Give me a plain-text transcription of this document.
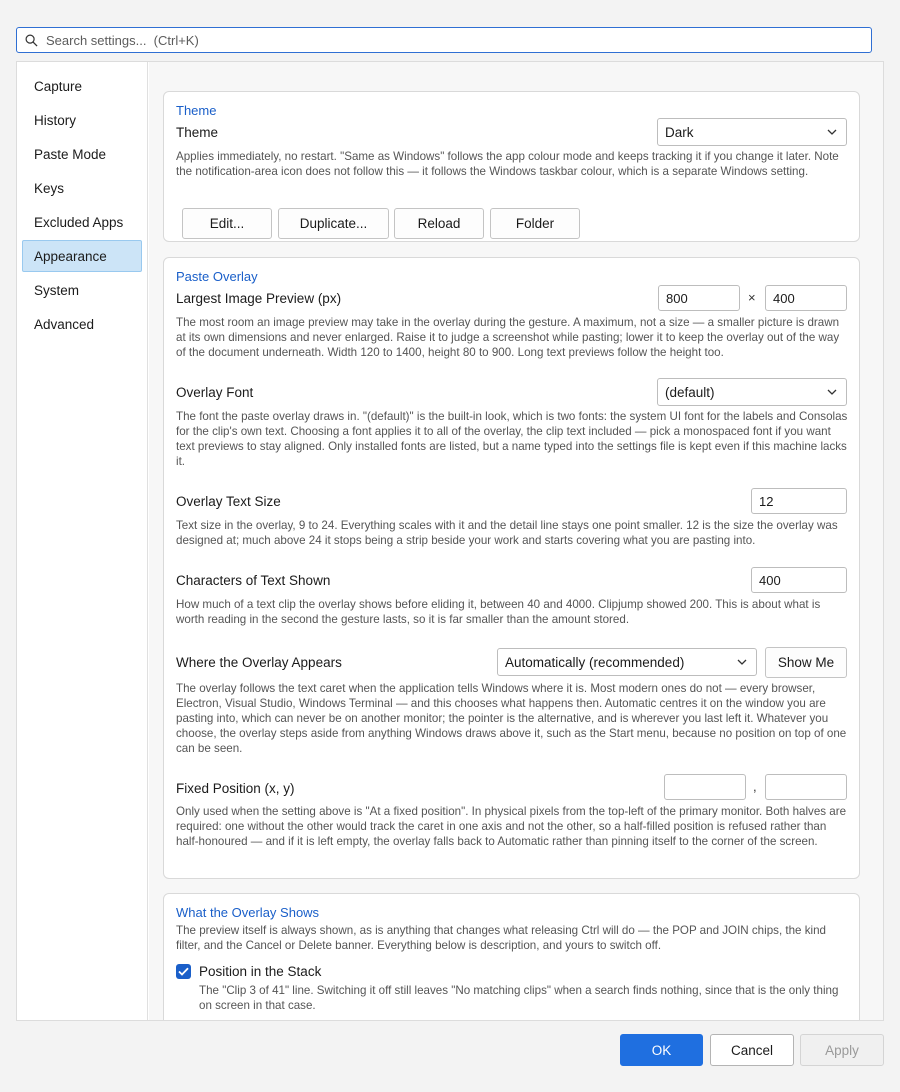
Search settings... (Ctrl+K)
Capture
History
Paste Mode
Keys
Excluded Apps
Appearance
System
Advanced
Theme
Theme	Dark
Applies immediately, no restart. "Same as Windows" follows the app colour mode and keeps tracking it if you change it later. Note the notification-area icon does not follow this — it follows the Windows taskbar colour, which is a separate Windows setting.
Edit...	Duplicate...	Reload	Folder
Paste Overlay
Largest Image Preview (px)	800	×	400
The most room an image preview may take in the overlay during the gesture. A maximum, not a size — a smaller picture is drawn at its own dimensions and never enlarged. Raise it to judge a screenshot while pasting; lower it to keep the overlay out of the way of the document underneath. Width 120 to 1400, height 80 to 900. Long text previews follow the height too.
Overlay Font	(default)
The font the paste overlay draws in. "(default)" is the built-in look, which is two fonts: the system UI font for the labels and Consolas for the clip's own text. Choosing a font applies it to all of the overlay, the clip text included — pick a monospaced font if you want text previews to stay aligned. Only installed fonts are listed, but a name typed into the settings file is kept even if this machine lacks it.
Overlay Text Size	12
Text size in the overlay, 9 to 24. Everything scales with it and the detail line stays one point smaller. 12 is the size the overlay was designed at; much above 24 it stops being a strip beside your work and starts covering what you are pasting into.
Characters of Text Shown	400
How much of a text clip the overlay shows before eliding it, between 40 and 4000. Clipjump showed 200. This is about what is worth reading in the second the gesture lasts, so it is far smaller than the amount stored.
Where the Overlay Appears	Automatically (recommended)	Show Me
The overlay follows the text caret when the application tells Windows where it is. Most modern ones do not — every browser, Electron, Visual Studio, Windows Terminal — and this chooses what happens then. Automatic centres it on the window you are pasting into, which can never be on another monitor; the pointer is the alternative, and is wherever you last left it. Whatever you choose, the overlay steps aside from anything Windows draws above it, such as the Start menu, because no position on top of one can be seen.
Fixed Position (x, y)	,
Only used when the setting above is "At a fixed position". In physical pixels from the top-left of the primary monitor. Both halves are required: one without the other would track the caret in one axis and not the other, so a half-filled position is refused rather than half-honoured — and if it is left empty, the overlay falls back to Automatic rather than pinning itself to the corner of the screen.
What the Overlay Shows
The preview itself is always shown, as is anything that changes what releasing Ctrl will do — the POP and JOIN chips, the kind filter, and the Cancel or Delete banner. Everything below is description, and yours to switch off.
Position in the Stack
The "Clip 3 of 41" line. Switching it off still leaves "No matching clips" when a search finds nothing, since that is the only thing on screen in that case.
OK	Cancel	Apply
